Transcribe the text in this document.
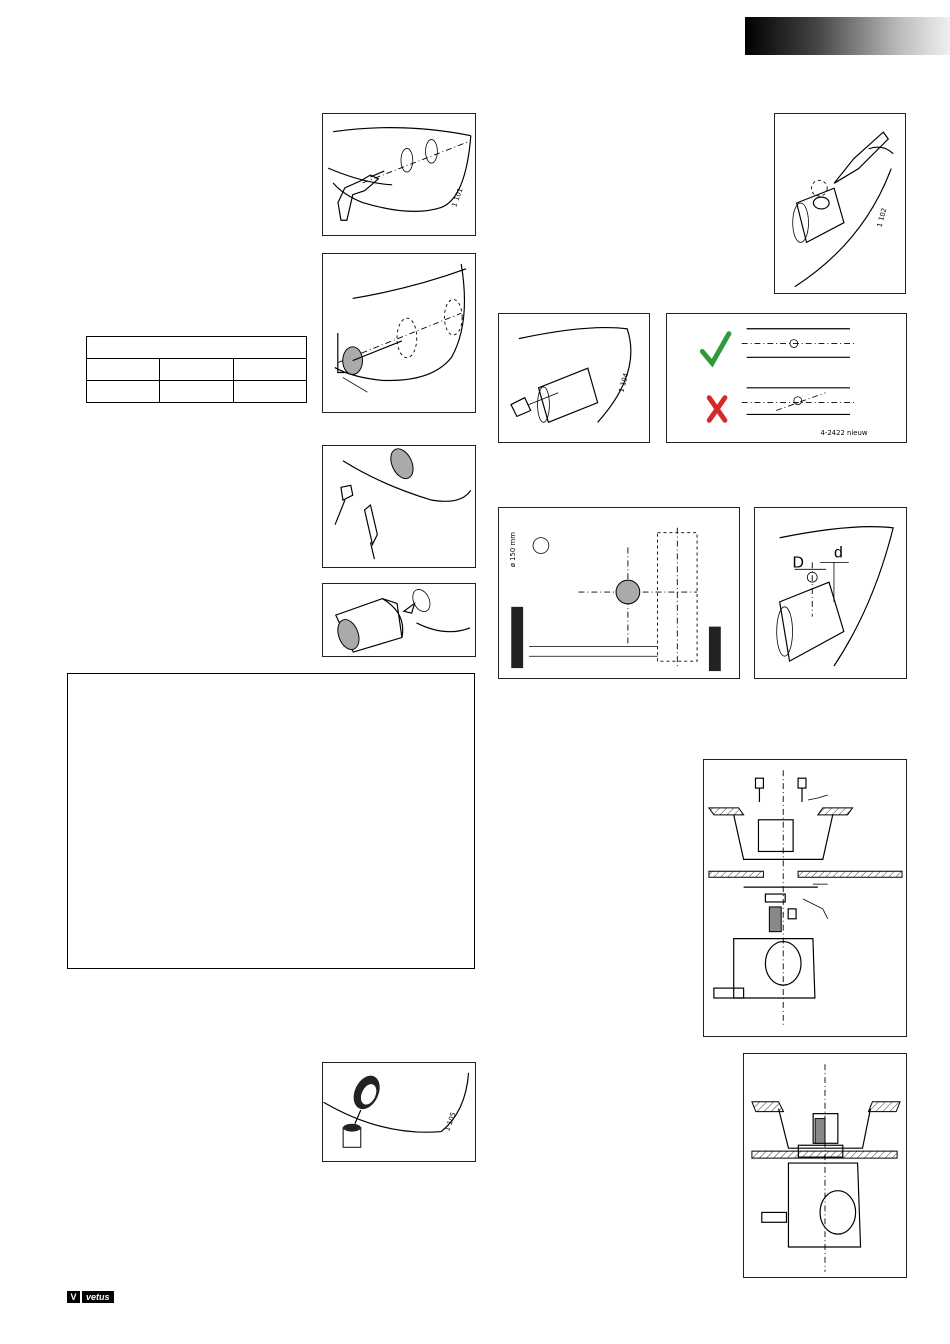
1 101

1 105
1 102
1 104
4-2422 nieuw
ø 150 mm	D
d
V	vetus
